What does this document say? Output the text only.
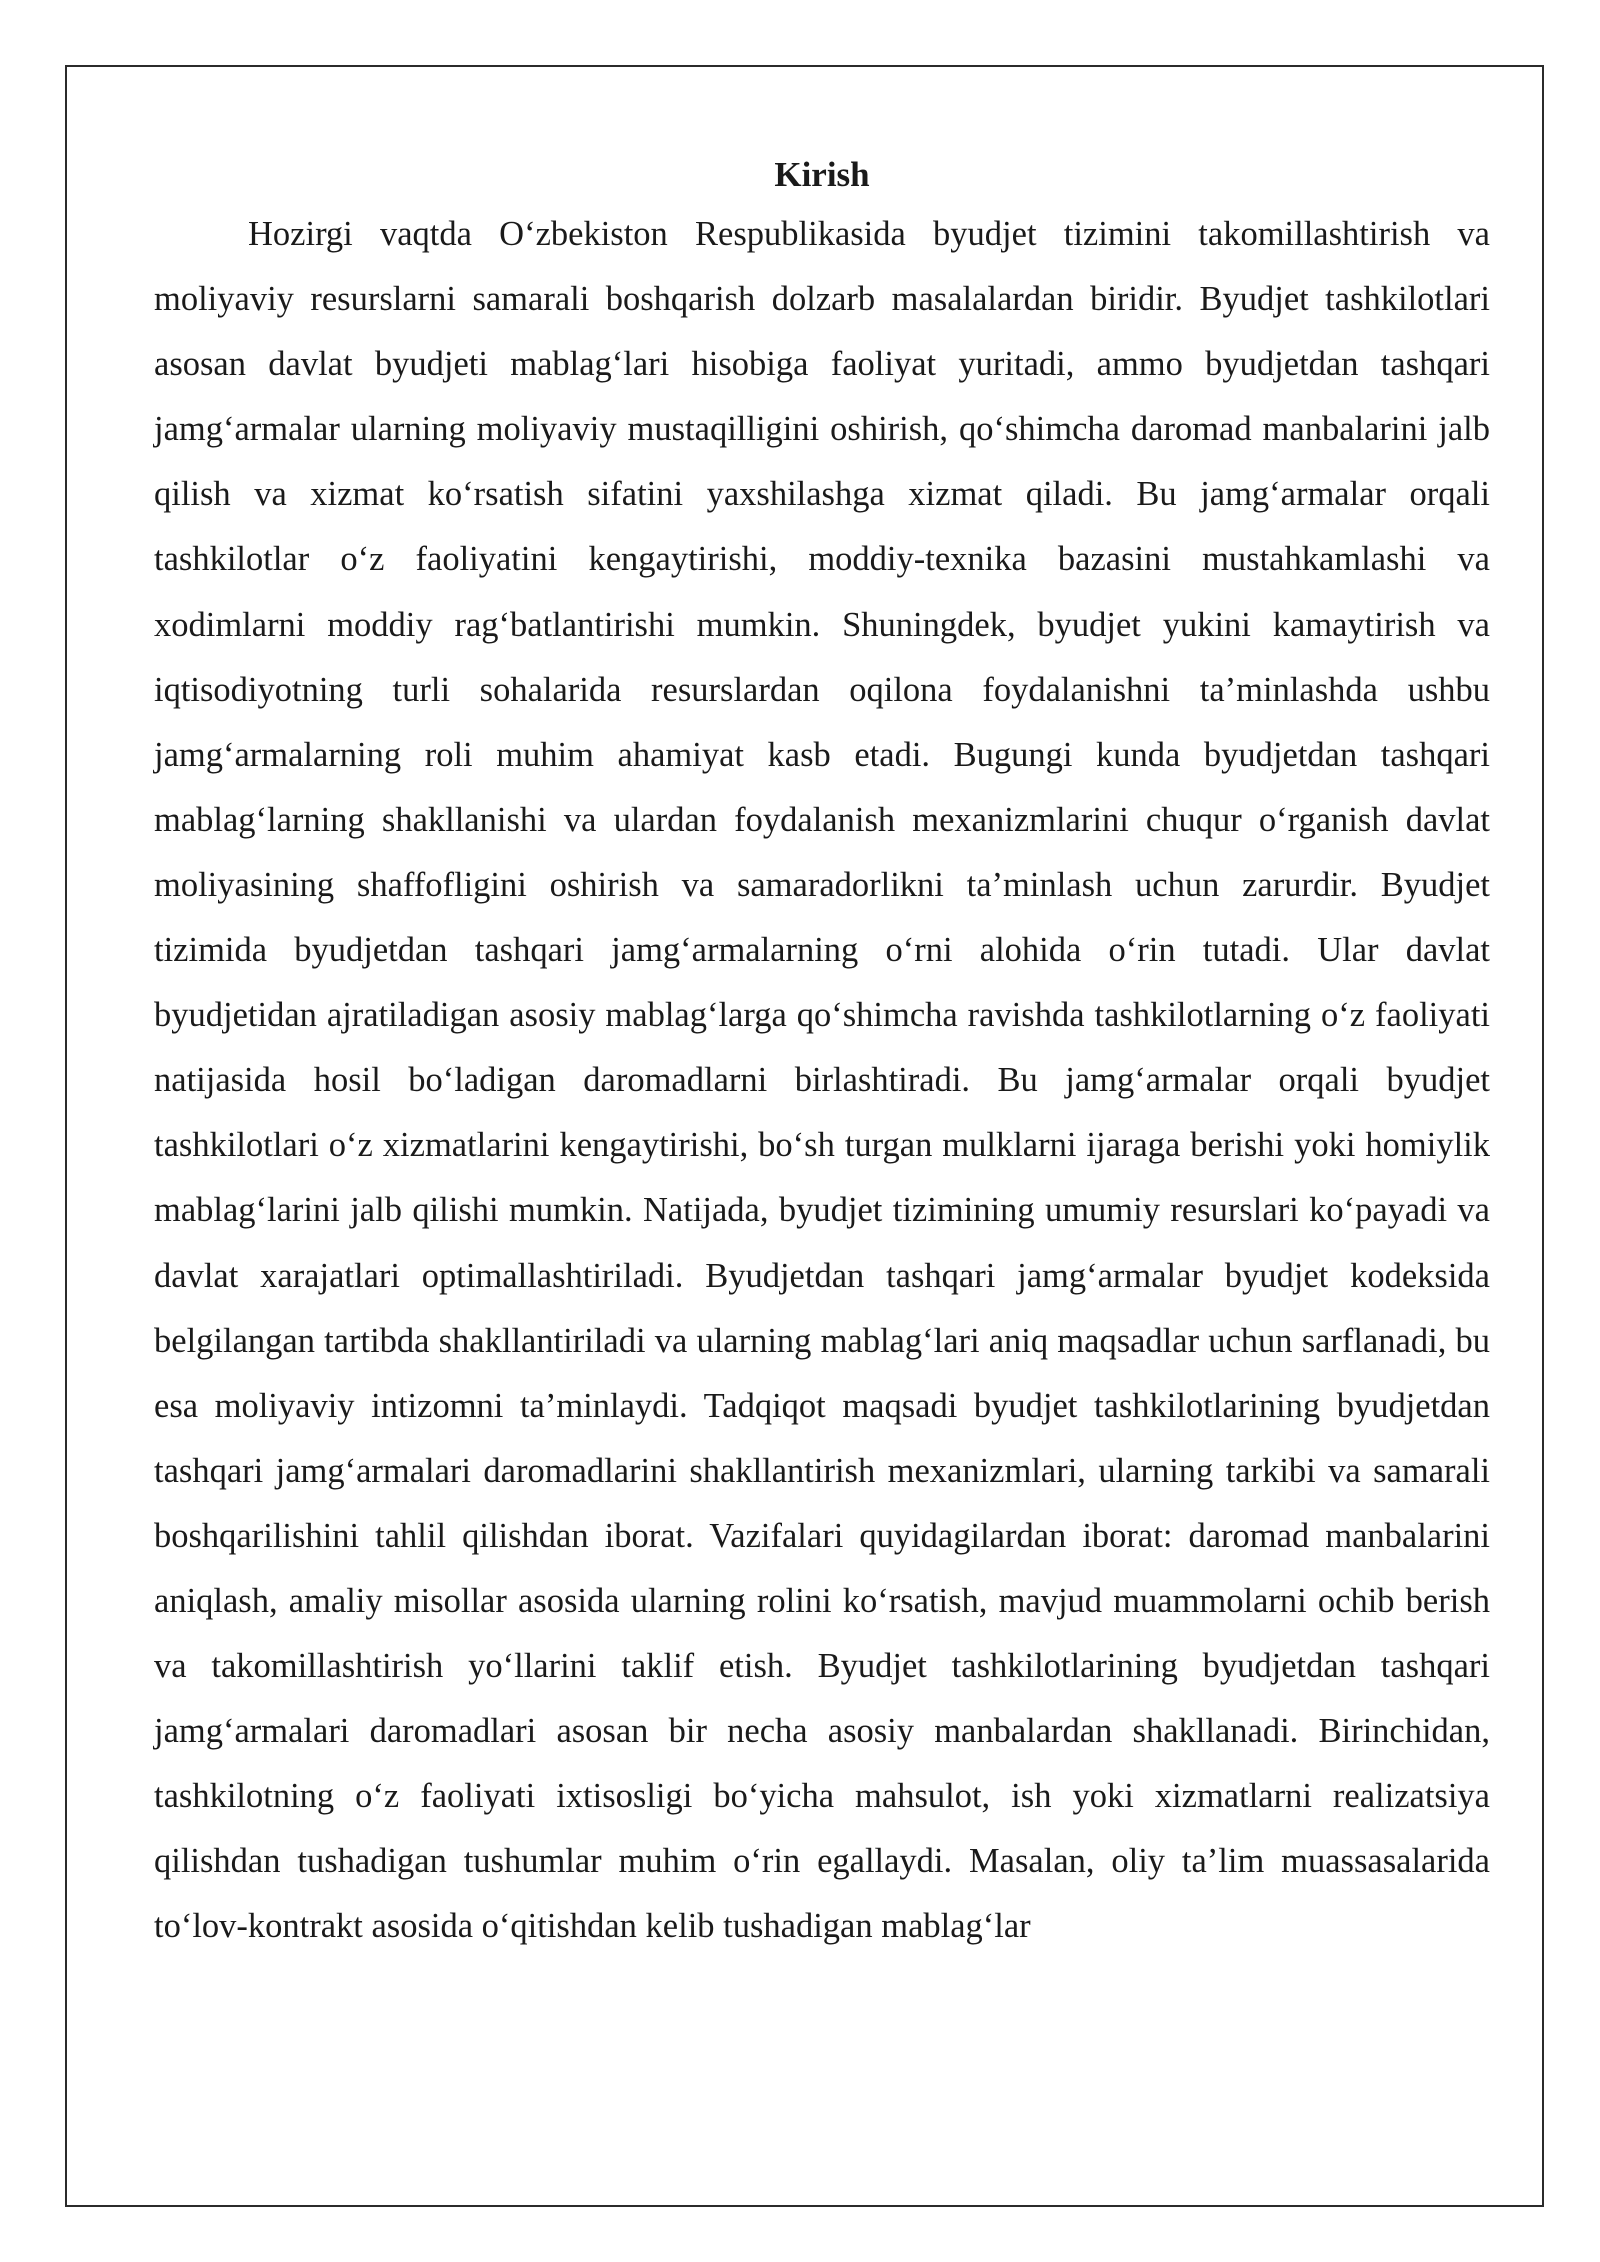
Kirish

Hozirgi vaqtda O‘zbekiston Respublikasida byudjet tizimini takomillashtirish va moliyaviy resurslarni samarali boshqarish dolzarb masalalardan biridir. Byudjet tashkilotlari asosan davlat byudjeti mablag‘lari hisobiga faoliyat yuritadi, ammo byudjetdan tashqari jamg‘armalar ularning moliyaviy mustaqilligini oshirish, qo‘shimcha daromad manbalarini jalb qilish va xizmat ko‘rsatish sifatini yaxshilashga xizmat qiladi. Bu jamg‘armalar orqali tashkilotlar o‘z faoliyatini kengaytirishi, moddiy-texnika bazasini mustahkamlashi va xodimlarni moddiy rag‘batlantirishi mumkin. Shuningdek, byudjet yukini kamaytirish va iqtisodiyotning turli sohalarida resurslardan oqilona foydalanishni ta’minlashda ushbu jamg‘armalarning roli muhim ahamiyat kasb etadi. Bugungi kunda byudjetdan tashqari mablag‘larning shakllanishi va ulardan foydalanish mexanizmlarini chuqur o‘rganish davlat moliyasining shaffofligini oshirish va samaradorlikni ta’minlash uchun zarurdir. Byudjet tizimida byudjetdan tashqari jamg‘armalarning o‘rni alohida o‘rin tutadi. Ular davlat byudjetidan ajratiladigan asosiy mablag‘larga qo‘shimcha ravishda tashkilotlarning o‘z faoliyati natijasida hosil bo‘ladigan daromadlarni birlashtiradi. Bu jamg‘armalar orqali byudjet tashkilotlari o‘z xizmatlarini kengaytirishi, bo‘sh turgan mulklarni ijaraga berishi yoki homiylik mablag‘larini jalb qilishi mumkin. Natijada, byudjet tizimining umumiy resurslari ko‘payadi va davlat xarajatlari optimallashtiriladi. Byudjetdan tashqari jamg‘armalar byudjet kodeksida belgilangan tartibda shakllantiriladi va ularning mablag‘lari aniq maqsadlar uchun sarflanadi, bu esa moliyaviy intizomni ta’minlaydi. Tadqiqot maqsadi byudjet tashkilotlarining byudjetdan tashqari jamg‘armalari daromadlarini shakllantirish mexanizmlari, ularning tarkibi va samarali boshqarilishini tahlil qilishdan iborat. Vazifalari quyidagilardan iborat: daromad manbalarini aniqlash, amaliy misollar asosida ularning rolini ko‘rsatish, mavjud muammolarni ochib berish va takomillashtirish yo‘llarini taklif etish. Byudjet tashkilotlarining byudjetdan tashqari jamg‘armalari daromadlari asosan bir necha asosiy manbalardan shakllanadi. Birinchidan, tashkilotning o‘z faoliyati ixtisosligi bo‘yicha mahsulot, ish yoki xizmatlarni realizatsiya qilishdan tushadigan tushumlar muhim o‘rin egallaydi. Masalan, oliy ta’lim muassasalarida to‘lov-kontrakt asosida o‘qitishdan kelib tushadigan mablag‘lar
